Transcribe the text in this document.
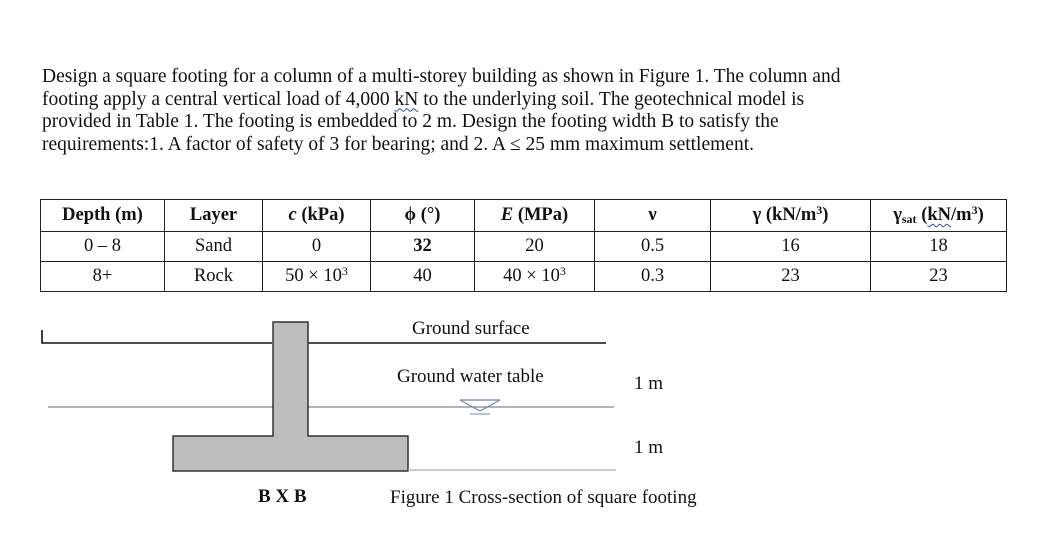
Design a square footing for a column of a multi-storey building as shown in Figure 1. The column and
footing apply a central vertical load of 4,000 kN to the underlying soil. The geotechnical model is
provided in Table 1. The footing is embedded to 2 m. Design the footing width B to satisfy the
requirements:1. A factor of safety of 3 for bearing; and 2. A ≤ 25 mm maximum settlement.
Depth (m)	Layer	c (kPa)	ϕ (°)	E (MPa)	ν	γ $(kN/m^3)$	$\gamma_{sat}$ $(kN/m^3)$
0 – 8	Sand	0	32	20	0.5	16	18
8+	Rock	$50 \times 10^3$	40	$40 \times 10^3$	0.3	23	23
Ground surface
Ground water table	1 m
1 m
B X B	Figure 1 Cross-section of square footing
